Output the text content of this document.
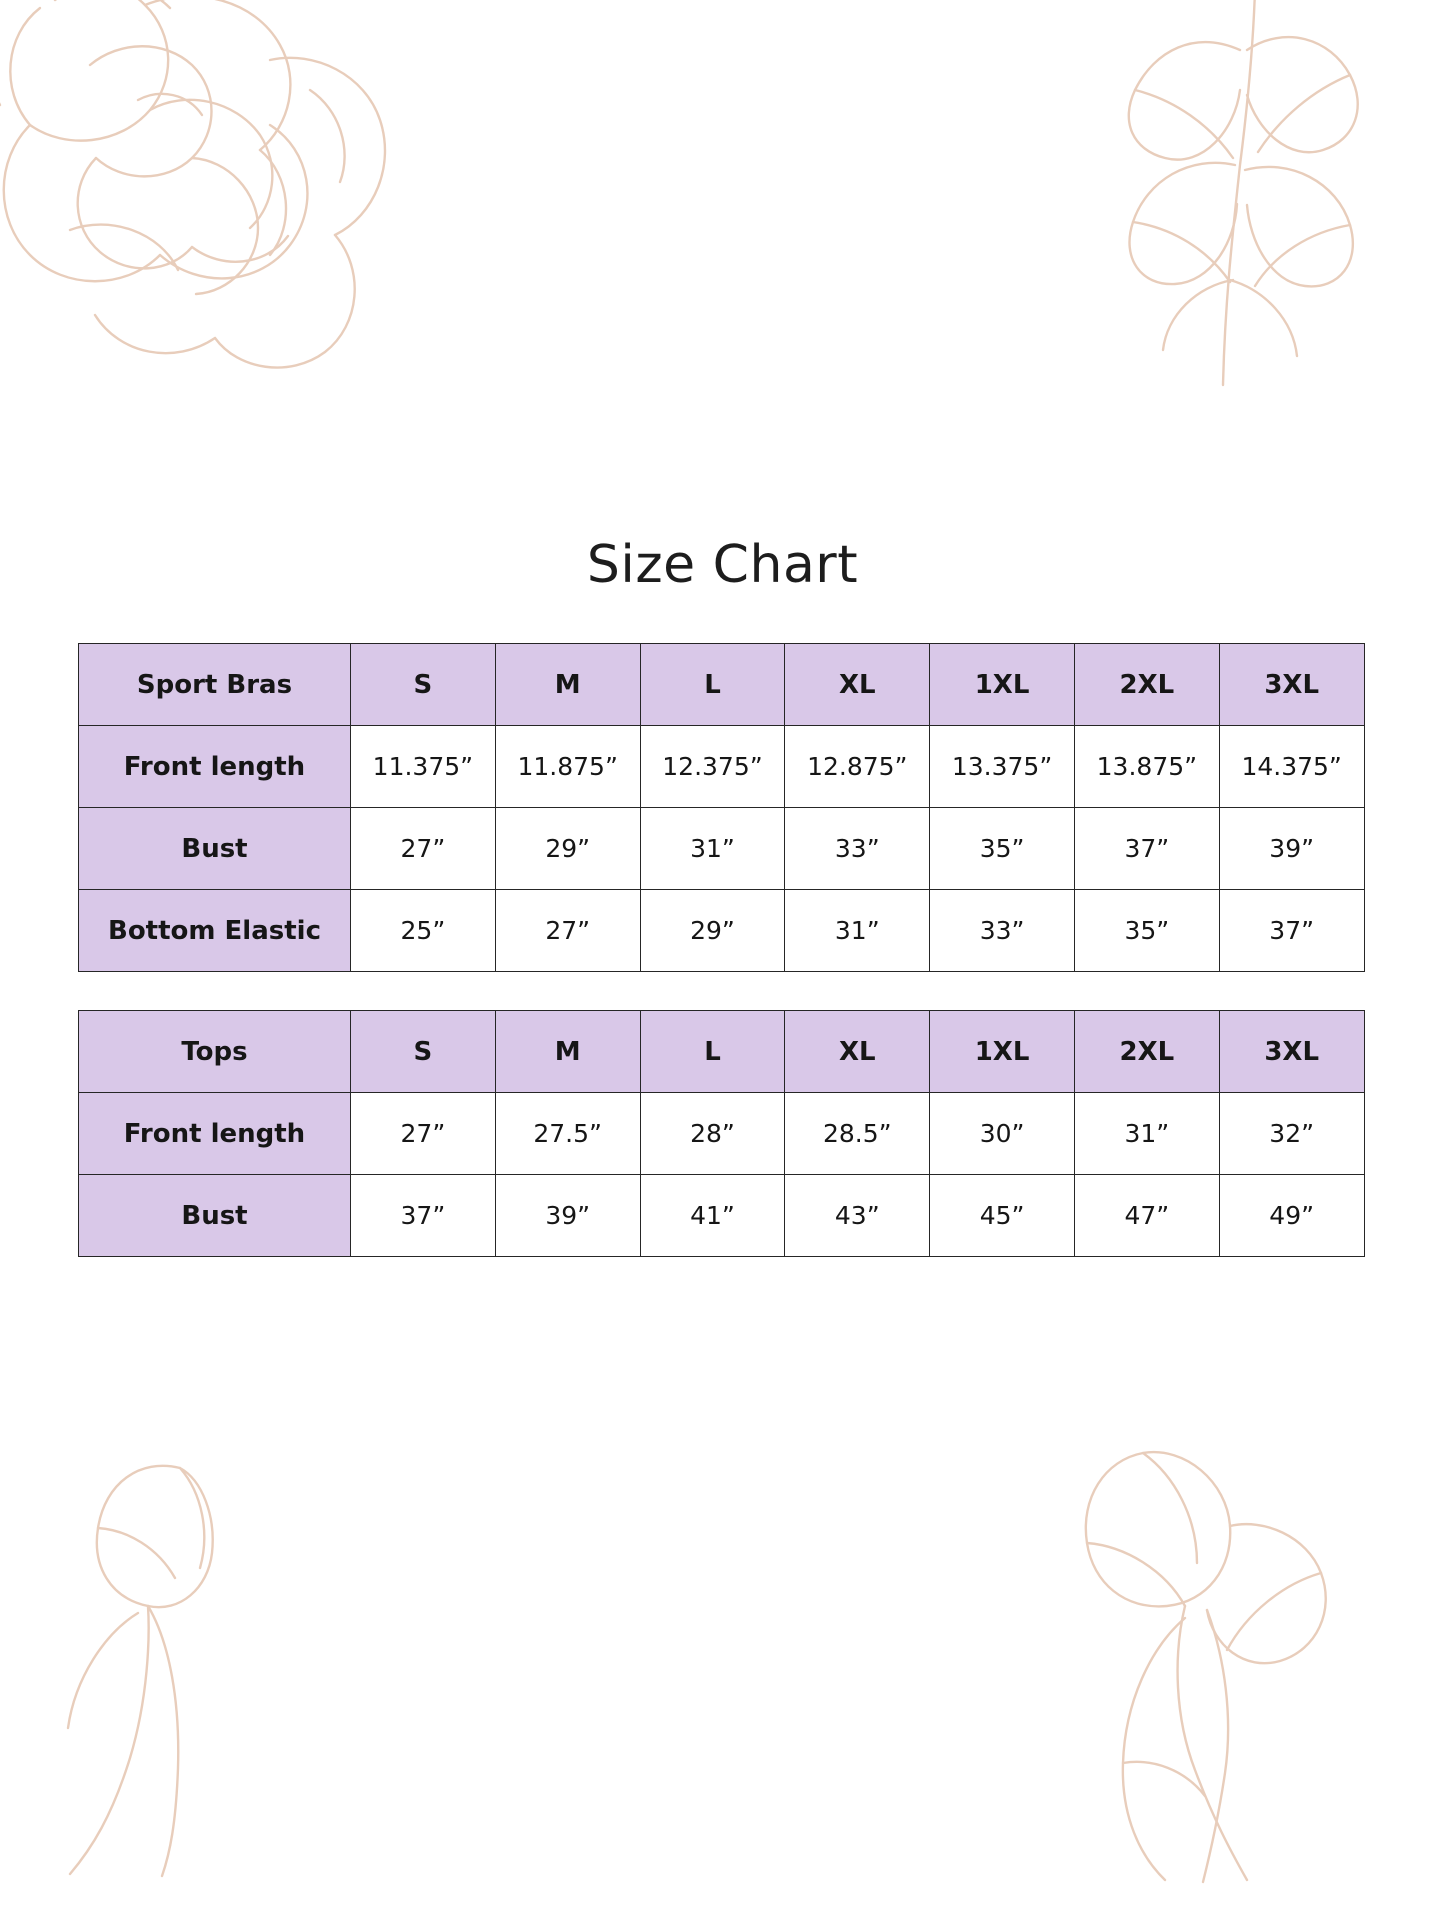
Size Chart
Sport Bras	S	M	L	XL	1XL	2XL	3XL
Front length	11.375”	11.875”	12.375”	12.875”	13.375”	13.875”	14.375”
Bust	27”	29”	31”	33”	35”	37”	39”
Bottom Elastic	25”	27”	29”	31”	33”	35”	37”
Tops	S	M	L	XL	1XL	2XL	3XL
Front length	27”	27.5”	28”	28.5”	30”	31”	32”
Bust	37”	39”	41”	43”	45”	47”	49”
